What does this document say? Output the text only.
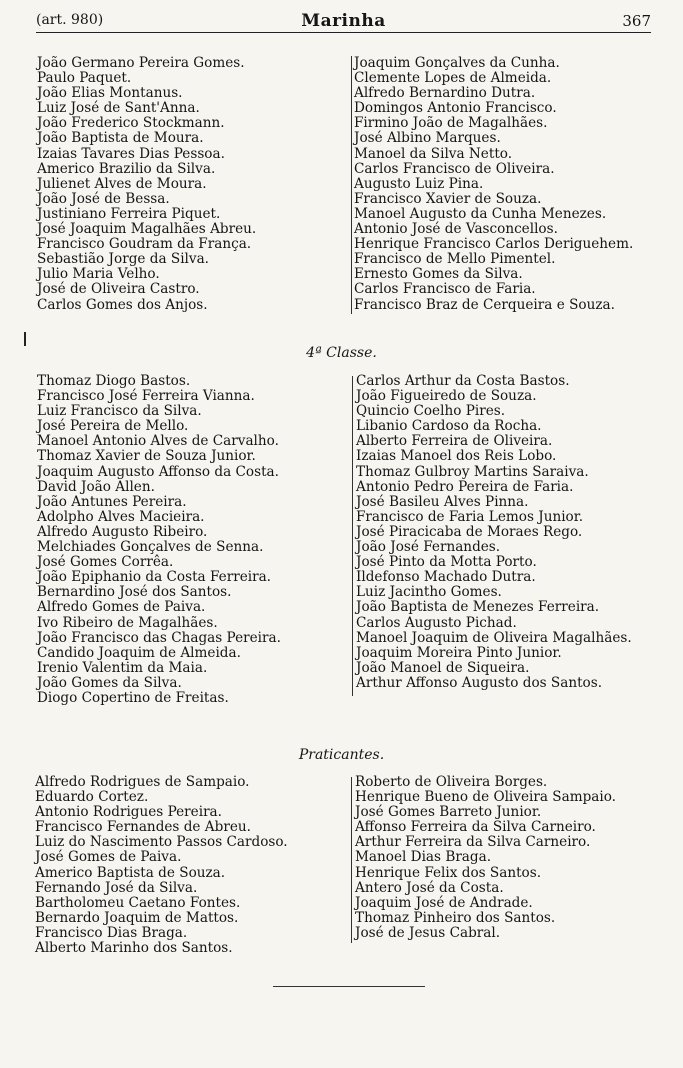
(art. 980)	Marinha	367
João Germano Pereira Gomes.
Paulo Paquet.
João Elias Montanus.
Luiz José de Sant'Anna.
João Frederico Stockmann.
João Baptista de Moura.
Izaias Tavares Dias Pessoa.
Americo Brazilio da Silva.
Julienet Alves de Moura.
João José de Bessa.
Justiniano Ferreira Piquet.
José Joaquim Magalhães Abreu.
Francisco Goudram da França.
Sebastião Jorge da Silva.
Julio Maria Velho.
José de Oliveira Castro.
Carlos Gomes dos Anjos.
Joaquim Gonçalves da Cunha.
Clemente Lopes de Almeida.
Alfredo Bernardino Dutra.
Domingos Antonio Francisco.
Firmino João de Magalhães.
José Albino Marques.
Manoel da Silva Netto.
Carlos Francisco de Oliveira.
Augusto Luiz Pina.
Francisco Xavier de Souza.
Manoel Augusto da Cunha Menezes.
Antonio José de Vasconcellos.
Henrique Francisco Carlos Deriguehem.
Francisco de Mello Pimentel.
Ernesto Gomes da Silva.
Carlos Francisco de Faria.
Francisco Braz de Cerqueira e Souza.
4ª Classe.
Thomaz Diogo Bastos.
Francisco José Ferreira Vianna.
Luiz Francisco da Silva.
José Pereira de Mello.
Manoel Antonio Alves de Carvalho.
Thomaz Xavier de Souza Junior.
Joaquim Augusto Affonso da Costa.
David João Allen.
João Antunes Pereira.
Adolpho Alves Macieira.
Alfredo Augusto Ribeiro.
Melchiades Gonçalves de Senna.
José Gomes Corrêa.
João Epiphanio da Costa Ferreira.
Bernardino José dos Santos.
Alfredo Gomes de Paiva.
Ivo Ribeiro de Magalhães.
João Francisco das Chagas Pereira.
Candido Joaquim de Almeida.
Irenio Valentim da Maia.
João Gomes da Silva.
Diogo Copertino de Freitas.
Carlos Arthur da Costa Bastos.
João Figueiredo de Souza.
Quincio Coelho Pires.
Libanio Cardoso da Rocha.
Alberto Ferreira de Oliveira.
Izaias Manoel dos Reis Lobo.
Thomaz Gulbroy Martins Saraiva.
Antonio Pedro Pereira de Faria.
José Basileu Alves Pinna.
Francisco de Faria Lemos Junior.
José Piracicaba de Moraes Rego.
João José Fernandes.
José Pinto da Motta Porto.
Ildefonso Machado Dutra.
Luiz Jacintho Gomes.
João Baptista de Menezes Ferreira.
Carlos Augusto Pichad.
Manoel Joaquim de Oliveira Magalhães.
Joaquim Moreira Pinto Junior.
João Manoel de Siqueira.
Arthur Affonso Augusto dos Santos.
Praticantes.
Alfredo Rodrigues de Sampaio.
Eduardo Cortez.
Antonio Rodrigues Pereira.
Francisco Fernandes de Abreu.
Luiz do Nascimento Passos Cardoso.
José Gomes de Paiva.
Americo Baptista de Souza.
Fernando José da Silva.
Bartholomeu Caetano Fontes.
Bernardo Joaquim de Mattos.
Francisco Dias Braga.
Alberto Marinho dos Santos.
Roberto de Oliveira Borges.
Henrique Bueno de Oliveira Sampaio.
José Gomes Barreto Junior.
Affonso Ferreira da Silva Carneiro.
Arthur Ferreira da Silva Carneiro.
Manoel Dias Braga.
Henrique Felix dos Santos.
Antero José da Costa.
Joaquim José de Andrade.
Thomaz Pinheiro dos Santos.
José de Jesus Cabral.
